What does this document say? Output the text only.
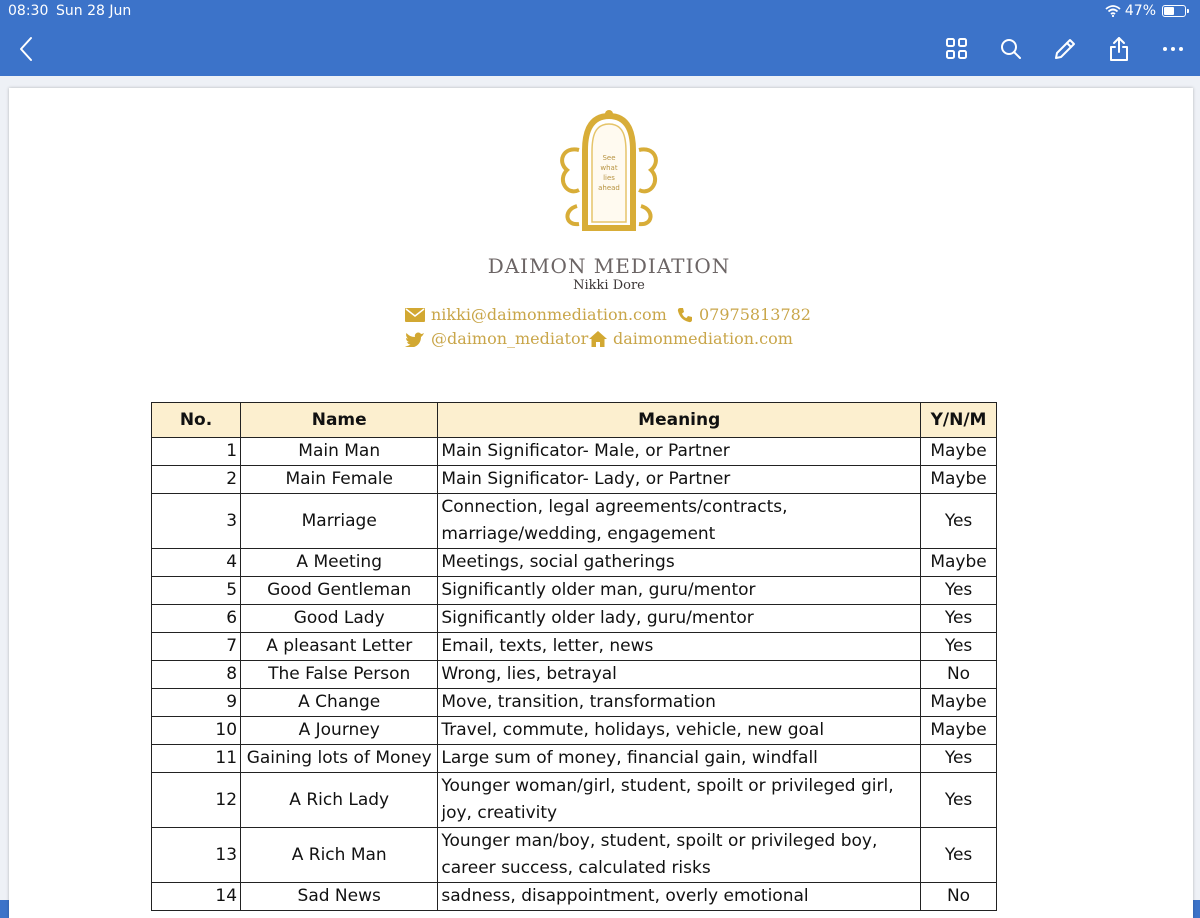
08:30 Sun 28 Jun	47%
See
what
lies
ahead
DAIMON MEDIATION
Nikki Dore
nikki@daimonmediation.com 07975813782
@daimon_mediator daimonmediation.com
No.	Name	Meaning	Y/N/M
1	Main Man	Main Significator- Male, or Partner	Maybe
2	Main Female	Main Significator- Lady, or Partner	Maybe
3	Marriage	Connection, legal agreements/contracts, marriage/wedding, engagement	Yes
4	A Meeting	Meetings, social gatherings	Maybe
5	Good Gentleman	Significantly older man, guru/mentor	Yes
6	Good Lady	Significantly older lady, guru/mentor	Yes
7	A pleasant Letter	Email, texts, letter, news	Yes
8	The False Person	Wrong, lies, betrayal	No
9	A Change	Move, transition, transformation	Maybe
10	A Journey	Travel, commute, holidays, vehicle, new goal	Maybe
11	Gaining lots of Money	Large sum of money, financial gain, windfall	Yes
12	A Rich Lady	Younger woman/girl, student, spoilt or privileged girl, joy, creativity	Yes
13	A Rich Man	Younger man/boy, student, spoilt or privileged boy, career success, calculated risks	Yes
14	Sad News	sadness, disappointment, overly emotional	No
